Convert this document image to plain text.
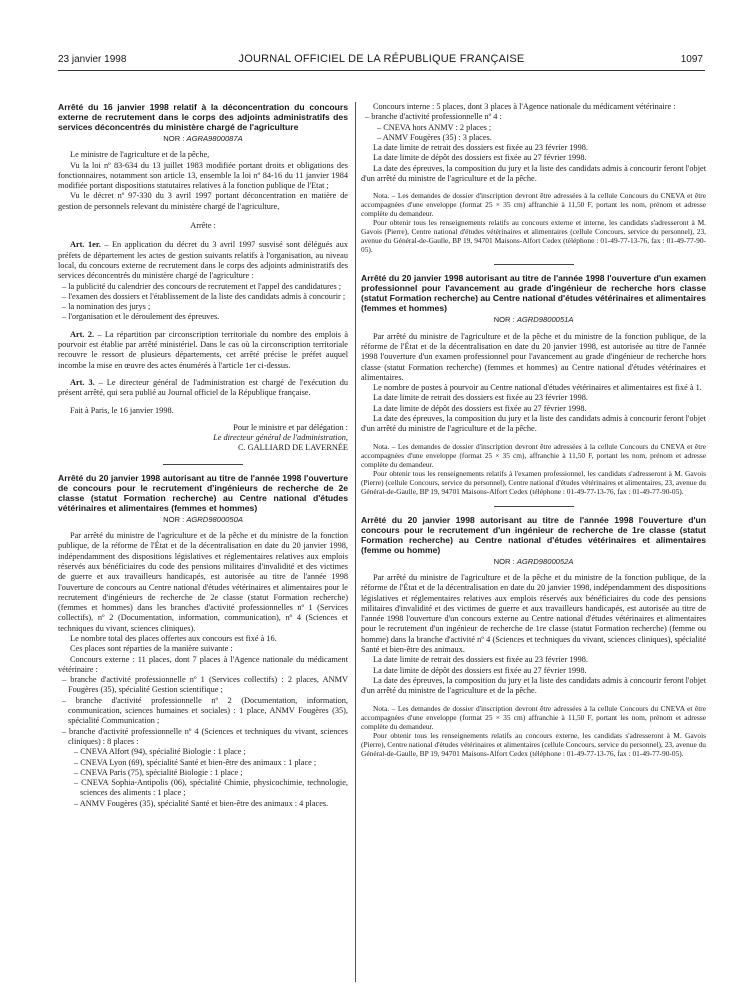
23 janvier 1998	JOURNAL OFFICIEL DE LA RÉPUBLIQUE FRANÇAISE	1097
Arrêté du 16 janvier 1998 relatif à la déconcentration du concours externe de recrutement dans le corps des adjoints administratifs des services déconcentrés du ministère chargé de l'agriculture
NOR : AGRA9800087A

Le ministre de l'agriculture et de la pêche,

Vu la loi nº 83-634 du 13 juillet 1983 modifiée portant droits et obligations des fonctionnaires, notamment son article 13, ensemble la loi nº 84-16 du 11 janvier 1984 modifiée portant dispositions statutaires relatives à la fonction publique de l'Etat ;

Vu le décret nº 97-330 du 3 avril 1997 portant déconcentration en matière de gestion de personnels relevant du ministère chargé de l'agriculture,

Arrête :

Art. 1er. – En application du décret du 3 avril 1997 susvisé sont délégués aux préfets de département les actes de gestion suivants relatifs à l'organisation, au niveau local, du concours externe de recrutement dans le corps des adjoints administratifs des services déconcentrés du ministère chargé de l'agriculture :

– la publicité du calendrier des concours de recrutement et l'appel des candidatures ;

– l'examen des dossiers et l'établissement de la liste des candidats admis à concourir ;

– la nomination des jurys ;

– l'organisation et le déroulement des épreuves.

Art. 2. – La répartition par circonscription territoriale du nombre des emplois à pourvoir est établie par arrêté ministériel. Dans le cas où la circonscription territoriale recouvre le ressort de plusieurs départements, cet arrêté précise le préfet auquel incombe la mise en œuvre des actes énumérés à l'article 1er ci-dessus.

Art. 3. – Le directeur général de l'administration est chargé de l'exécution du présent arrêté, qui sera publié au Journal officiel de la République française.

Fait à Paris, le 16 janvier 1998.

Pour le ministre et par délégation :

Le directeur général de l'administration,

C. GALLIARD DE LAVERNÉE

Arrêté du 20 janvier 1998 autorisant au titre de l'année 1998 l'ouverture de concours pour le recrutement d'ingénieurs de recherche de 2e classe (statut Formation recherche) au Centre national d'études vétérinaires et alimentaires (femmes et hommes)
NOR : AGRD9800050A

Par arrêté du ministre de l'agriculture et de la pêche et du ministre de la fonction publique, de la réforme de l'État et de la décentralisation en date du 20 janvier 1998, indépendamment des dispositions législatives et réglementaires relatives aux emplois réservés aux bénéficiaires du code des pensions militaires d'invalidité et des victimes de guerre et aux travailleurs handicapés, est autorisée au titre de l'année 1998 l'ouverture de concours au Centre national d'études vétérinaires et alimentaires pour le recrutement d'ingénieurs de recherche de 2e classe (statut Formation recherche) (femmes et hommes) dans les branches d'activité professionnelles nº 1 (Services collectifs), nº 2 (Documentation, information, communication), nº 4 (Sciences et techniques du vivant, sciences cliniques).

Le nombre total des places offertes aux concours est fixé à 16.

Ces places sont réparties de la manière suivante :

Concours externe : 11 places, dont 7 places à l'Agence nationale du médicament vétérinaire :

– branche d'activité professionnelle nº 1 (Services collectifs) : 2 places, ANMV Fougères (35), spécialité Gestion scientifique ;

– branche d'activité professionnelle nº 2 (Documentation, information, communication, sciences humaines et sociales) : 1 place, ANMV Fougères (35), spécialité Communication ;

– branche d'activité professionnelle nº 4 (Sciences et techniques du vivant, sciences cliniques) : 8 places :

– CNEVA Alfort (94), spécialité Biologie : 1 place ;

– CNEVA Lyon (69), spécialité Santé et bien-être des animaux : 1 place ;

– CNEVA Paris (75), spécialité Biologie : 1 place ;

– CNEVA Sophia-Antipolis (06), spécialité Chimie, physicochimie, technologie, sciences des aliments : 1 place ;

– ANMV Fougères (35), spécialité Santé et bien-être des animaux : 4 places.

Concours interne : 5 places, dont 3 places à l'Agence nationale du médicament vétérinaire :

– branche d'activité professionnelle nº 4 :

– CNEVA hors ANMV : 2 places ;

– ANMV Fougères (35) : 3 places.

La date limite de retrait des dossiers est fixée au 23 février 1998.

La date limite de dépôt des dossiers est fixée au 27 février 1998.

La date des épreuves, la composition du jury et la liste des candidats admis à concourir feront l'objet d'un arrêté du ministre de l'agriculture et de la pêche.

Nota. – Les demandes de dossier d'inscription devront être adressées à la cellule Concours du CNEVA et être accompagnées d'une enveloppe (format 25 × 35 cm) affranchie à 11,50 F, portant les nom, prénom et adresse complète du demandeur.

Pour obtenir tous les renseignements relatifs au concours externe et interne, les candidats s'adresseront à M. Gavois (Pierre), Centre national d'études vétérinaires et alimentaires (cellule Concours, service du personnel), 23, avenue du Général-de-Gaulle, BP 19, 94701 Maisons-Alfort Cedex (téléphone : 01-49-77-13-76, fax : 01-49-77-90-05).

Arrêté du 20 janvier 1998 autorisant au titre de l'année 1998 l'ouverture d'un examen professionnel pour l'avancement au grade d'ingénieur de recherche hors classe (statut Formation recherche) au Centre national d'études vétérinaires et alimentaires (femmes et hommes)
NOR : AGRD9800051A

Par arrêté du ministre de l'agriculture et de la pêche et du ministre de la fonction publique, de la réforme de l'État et de la décentralisation en date du 20 janvier 1998, est autorisée au titre de l'année 1998 l'ouverture d'un examen professionnel pour l'avancement au grade d'ingénieur de recherche hors classe (statut Formation recherche) (femmes et hommes) au Centre national d'études vétérinaires et alimentaires.

Le nombre de postes à pourvoir au Centre national d'études vétérinaires et alimentaires est fixé à 1.

La date limite de retrait des dossiers est fixée au 23 février 1998.

La date limite de dépôt des dossiers est fixée au 27 février 1998.

La date des épreuves, la composition du jury et la liste des candidats admis à concourir feront l'objet d'un arrêté du ministre de l'agriculture et de la pêche.

Nota. – Les demandes de dossier d'inscription devront être adressées à la cellule Concours du CNEVA et être accompagnées d'une enveloppe (format 25 × 35 cm), affranchie à 11,50 F, portant les nom, prénom et adresse complète du demandeur.

Pour obtenir tous les renseignements relatifs à l'examen professionnel, les candidats s'adresseront à M. Gavois (Pierre) (cellule Concours, service du personnel), Centre national d'études vétérinaires et alimentaires, 23, avenue du Général-de-Gaulle, BP 19, 94701 Maisons-Alfort Cedex (téléphone : 01-49-77-13-76, fax : 01-49-77-90-05).

Arrêté du 20 janvier 1998 autorisant au titre de l'année 1998 l'ouverture d'un concours pour le recrutement d'un ingénieur de recherche de 1re classe (statut Formation recherche) au Centre national d'études vétérinaires et alimentaires (femme ou homme)
NOR : AGRD9800052A

Par arrêté du ministre de l'agriculture et de la pêche et du ministre de la fonction publique, de la réforme de l'État et de la décentralisation en date du 20 janvier 1998, indépendamment des dispositions législatives et réglementaires relatives aux emplois réservés aux bénéficiaires du code des pensions militaires d'invalidité et des victimes de guerre et aux travailleurs handicapés, est autorisée au titre de l'année 1998 l'ouverture d'un concours externe au Centre national d'études vétérinaires et alimentaires pour le recrutement d'un ingénieur de recherche de 1re classe (statut Formation recherche) (femme ou homme) dans la branche d'activité nº 4 (Sciences et techniques du vivant, sciences cliniques), spécialité Santé et bien-être des animaux.

La date limite de retrait des dossiers est fixée au 23 février 1998.

La date limite de dépôt des dossiers est fixée au 27 février 1998.

La date des épreuves, la composition du jury et la liste des candidats admis à concourir feront l'objet d'un arrêté du ministre de l'agriculture et de la pêche.

Nota. – Les demandes de dossier d'inscription devront être adressées à la cellule Concours du CNEVA et être accompagnées d'une enveloppe (format 25 × 35 cm) affranchie à 11,50 F, portant les nom, prénom et adresse complète du demandeur.

Pour obtenir tous les renseignements relatifs au concours externe, les candidats s'adresseront à M. Gavois (Pierre), Centre national d'études vétérinaires et alimentaires (cellule Concours, service du personnel), 23, avenue du Général-de-Gaulle, BP 19, 94701 Maisons-Alfort Cedex (téléphone : 01-49-77-13-76, fax : 01-49-77-90-05).
